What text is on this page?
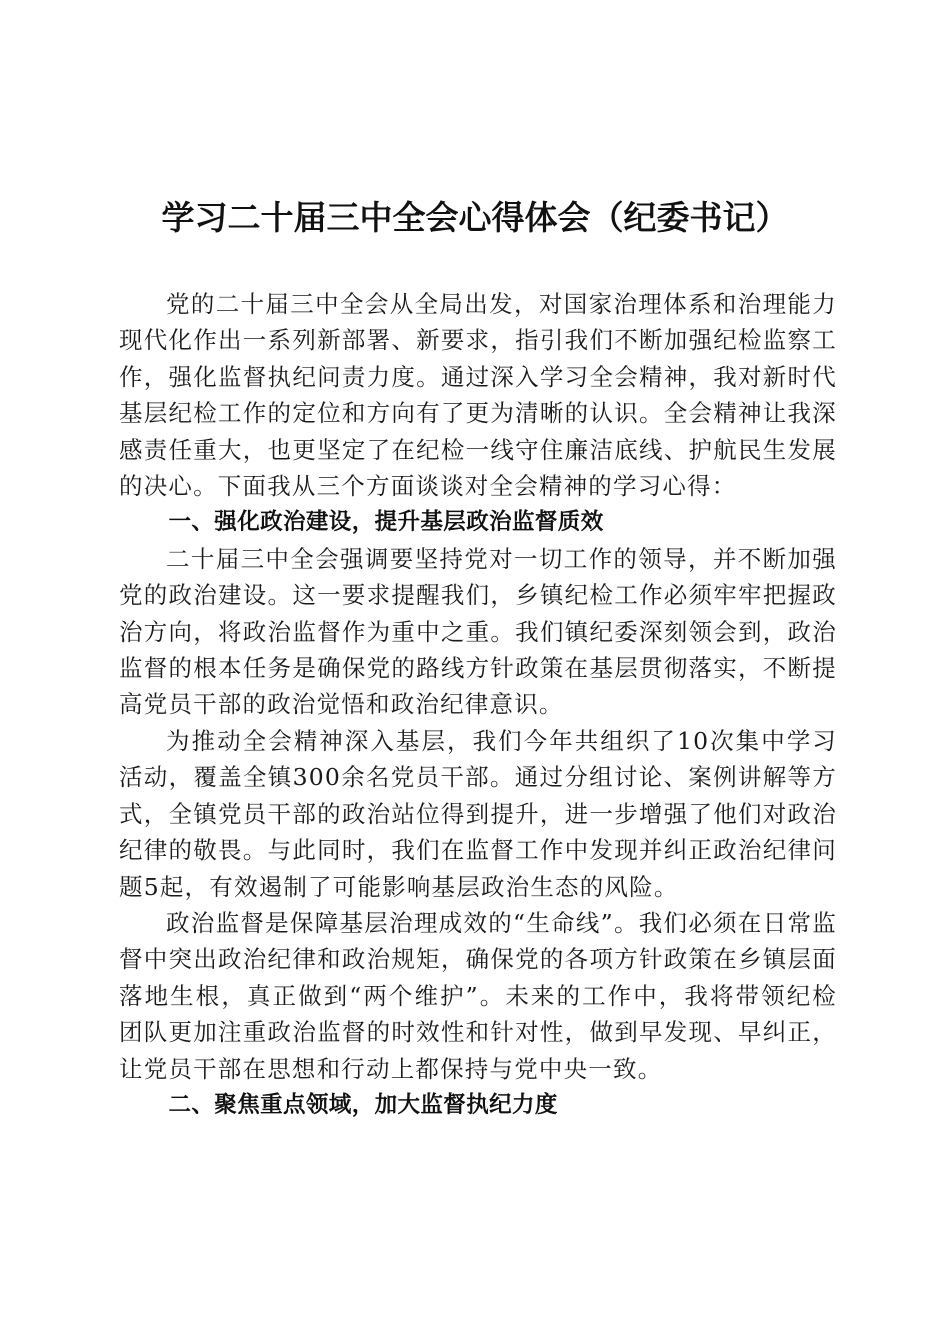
学习二十届三中全会心得体会（纪委书记）

党的二十届三中全会从全局出发，对国家治理体系和治理能力现代化作出一系列新部署、新要求，指引我们不断加强纪检监察工作，强化监督执纪问责力度。通过深入学习全会精神，我对新时代基层纪检工作的定位和方向有了更为清晰的认识。全会精神让我深感责任重大，也更坚定了在纪检一线守住廉洁底线、护航民生发展的决心。下面我从三个方面谈谈对全会精神的学习心得：

一、强化政治建设，提升基层政治监督质效

二十届三中全会强调要坚持党对一切工作的领导，并不断加强党的政治建设。这一要求提醒我们，乡镇纪检工作必须牢牢把握政治方向，将政治监督作为重中之重。我们镇纪委深刻领会到，政治监督的根本任务是确保党的路线方针政策在基层贯彻落实，不断提高党员干部的政治觉悟和政治纪律意识。

为推动全会精神深入基层，我们今年共组织了10次集中学习活动，覆盖全镇300余名党员干部。通过分组讨论、案例讲解等方式，全镇党员干部的政治站位得到提升，进一步增强了他们对政治纪律的敬畏。与此同时，我们在监督工作中发现并纠正政治纪律问题5起，有效遏制了可能影响基层政治生态的风险。

政治监督是保障基层治理成效的“生命线”。我们必须在日常监督中突出政治纪律和政治规矩，确保党的各项方针政策在乡镇层面落地生根，真正做到“两个维护”。未来的工作中，我将带领纪检团队更加注重政治监督的时效性和针对性，做到早发现、早纠正，让党员干部在思想和行动上都保持与党中央一致。

二、聚焦重点领域，加大监督执纪力度
